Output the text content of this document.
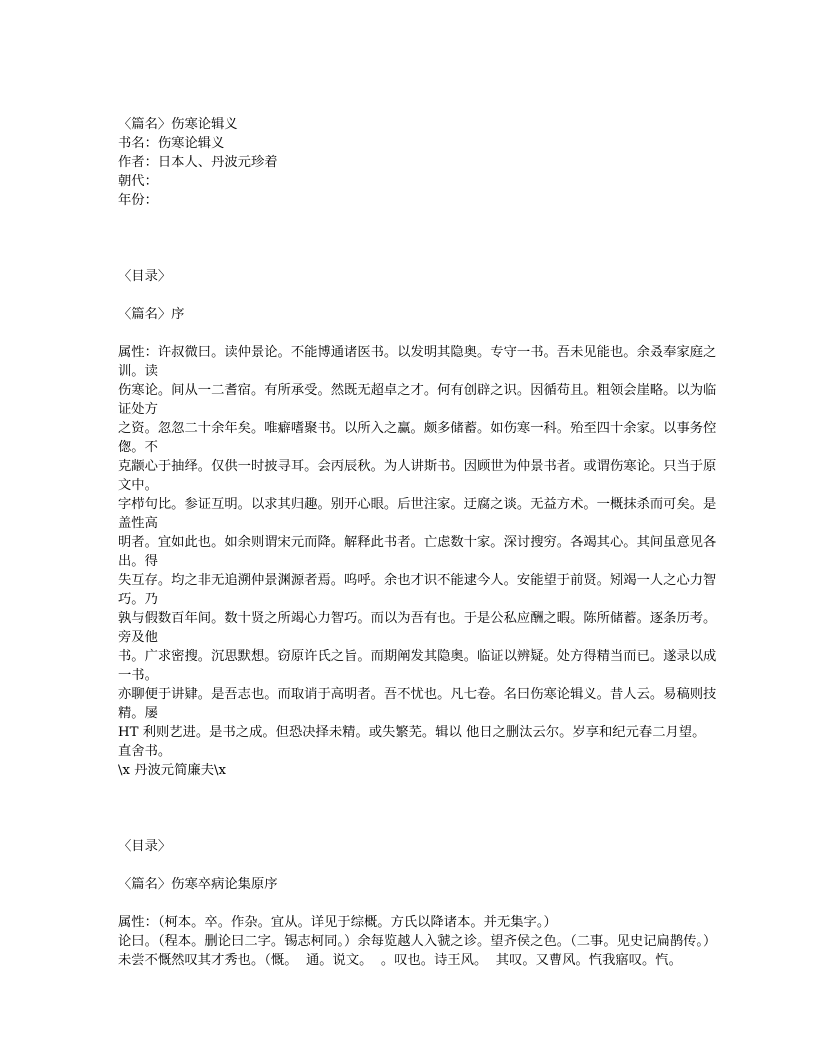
〈篇名〉伤寒论辑义
书名：伤寒论辑义
作者：日本人、丹波元珍着
朝代：
年份：
〈目录〉
〈篇名〉序
属性：许叔微曰。读仲景论。不能博通诸医书。以发明其隐奥。专守一书。吾未见能也。余叒奉家庭之训。读
伤寒论。间从一二耆宿。有所承受。然既无超卓之才。何有创辟之识。因循苟且。粗领会崖略。以为临证处方
之资。忽忽二十余年矣。唯癖嗜聚书。以所入之赢。颇多储蓄。如伤寒一科。殆至四十余家。以事务倥偬。不
克颛心于抽绎。仅供一时披寻耳。会丙辰秋。为人讲斯书。因顾世为仲景书者。或谓伤寒论。只当于原文中。
字栉句比。参证互明。以求其归趣。别开心眼。后世注家。迂腐之谈。无益方术。一概抹杀而可矣。是盖性高
明者。宜如此也。如余则谓宋元而降。解释此书者。亡虑数十家。深讨搜穷。各竭其心。其间虽意见各出。得
失互存。均之非无追溯仲景渊源者焉。呜呼。余也才识不能逮今人。安能望于前贤。矧竭一人之心力智巧。乃
孰与假数百年间。数十贤之所竭心力智巧。而以为吾有也。于是公私应酬之暇。陈所储蓄。逐条历考。旁及他
书。广求密搜。沉思默想。窃原许氏之旨。而期阐发其隐奥。临证以辨疑。处方得精当而已。遂录以成一书。
亦聊便于讲肄。是吾志也。而取诮于高明者。吾不忧也。凡七卷。名曰伤寒论辑义。昔人云。易稿则技精。屡
HT 利则艺进。是书之成。但恐决择未精。或失繁芜。辑以 他日之删汰云尔。岁享和纪元春二月望。直舍书。
\x 丹波元简廉夫\x
〈目录〉
〈篇名〉伤寒卒病论集原序
属性：（柯本。卒。作杂。宜从。详见于综概。方氏以降诸本。并无集字。）
论曰。（程本。删论曰二字。锡志柯同。）余每览越人入虢之诊。望齐侯之色。（二事。见史记扁鹊传。）
未尝不慨然叹其才秀也。（慨。  通。说文。  。叹也。诗王风。  其叹。又曹风。忾我寤叹。忾。
